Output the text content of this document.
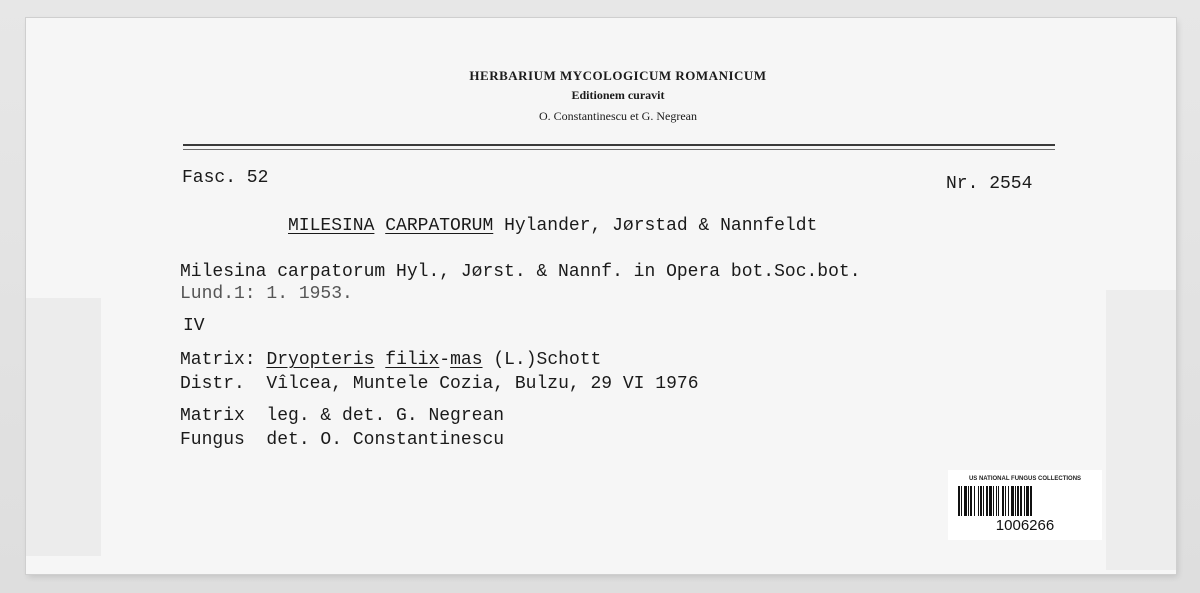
HERBARIUM MYCOLOGICUM ROMANICUM
Editionem curavit
O. Constantinescu et G. Negrean
Fasc. 52	Nr. 2554
MILESINA CARPATORUM Hylander, Jørstad & Nannfeldt
Milesina carpatorum Hyl., Jørst. & Nannf. in Opera bot.Soc.bot.
Lund.1: 1. 1953.
IV
Matrix: Dryopteris filix-mas (L.)Schott
Distr. Vîlcea, Muntele Cozia, Bulzu, 29 VI 1976
Matrix leg. & det. G. Negrean
Fungus det. O. Constantinescu
US NATIONAL FUNGUS COLLECTIONS
1006266
